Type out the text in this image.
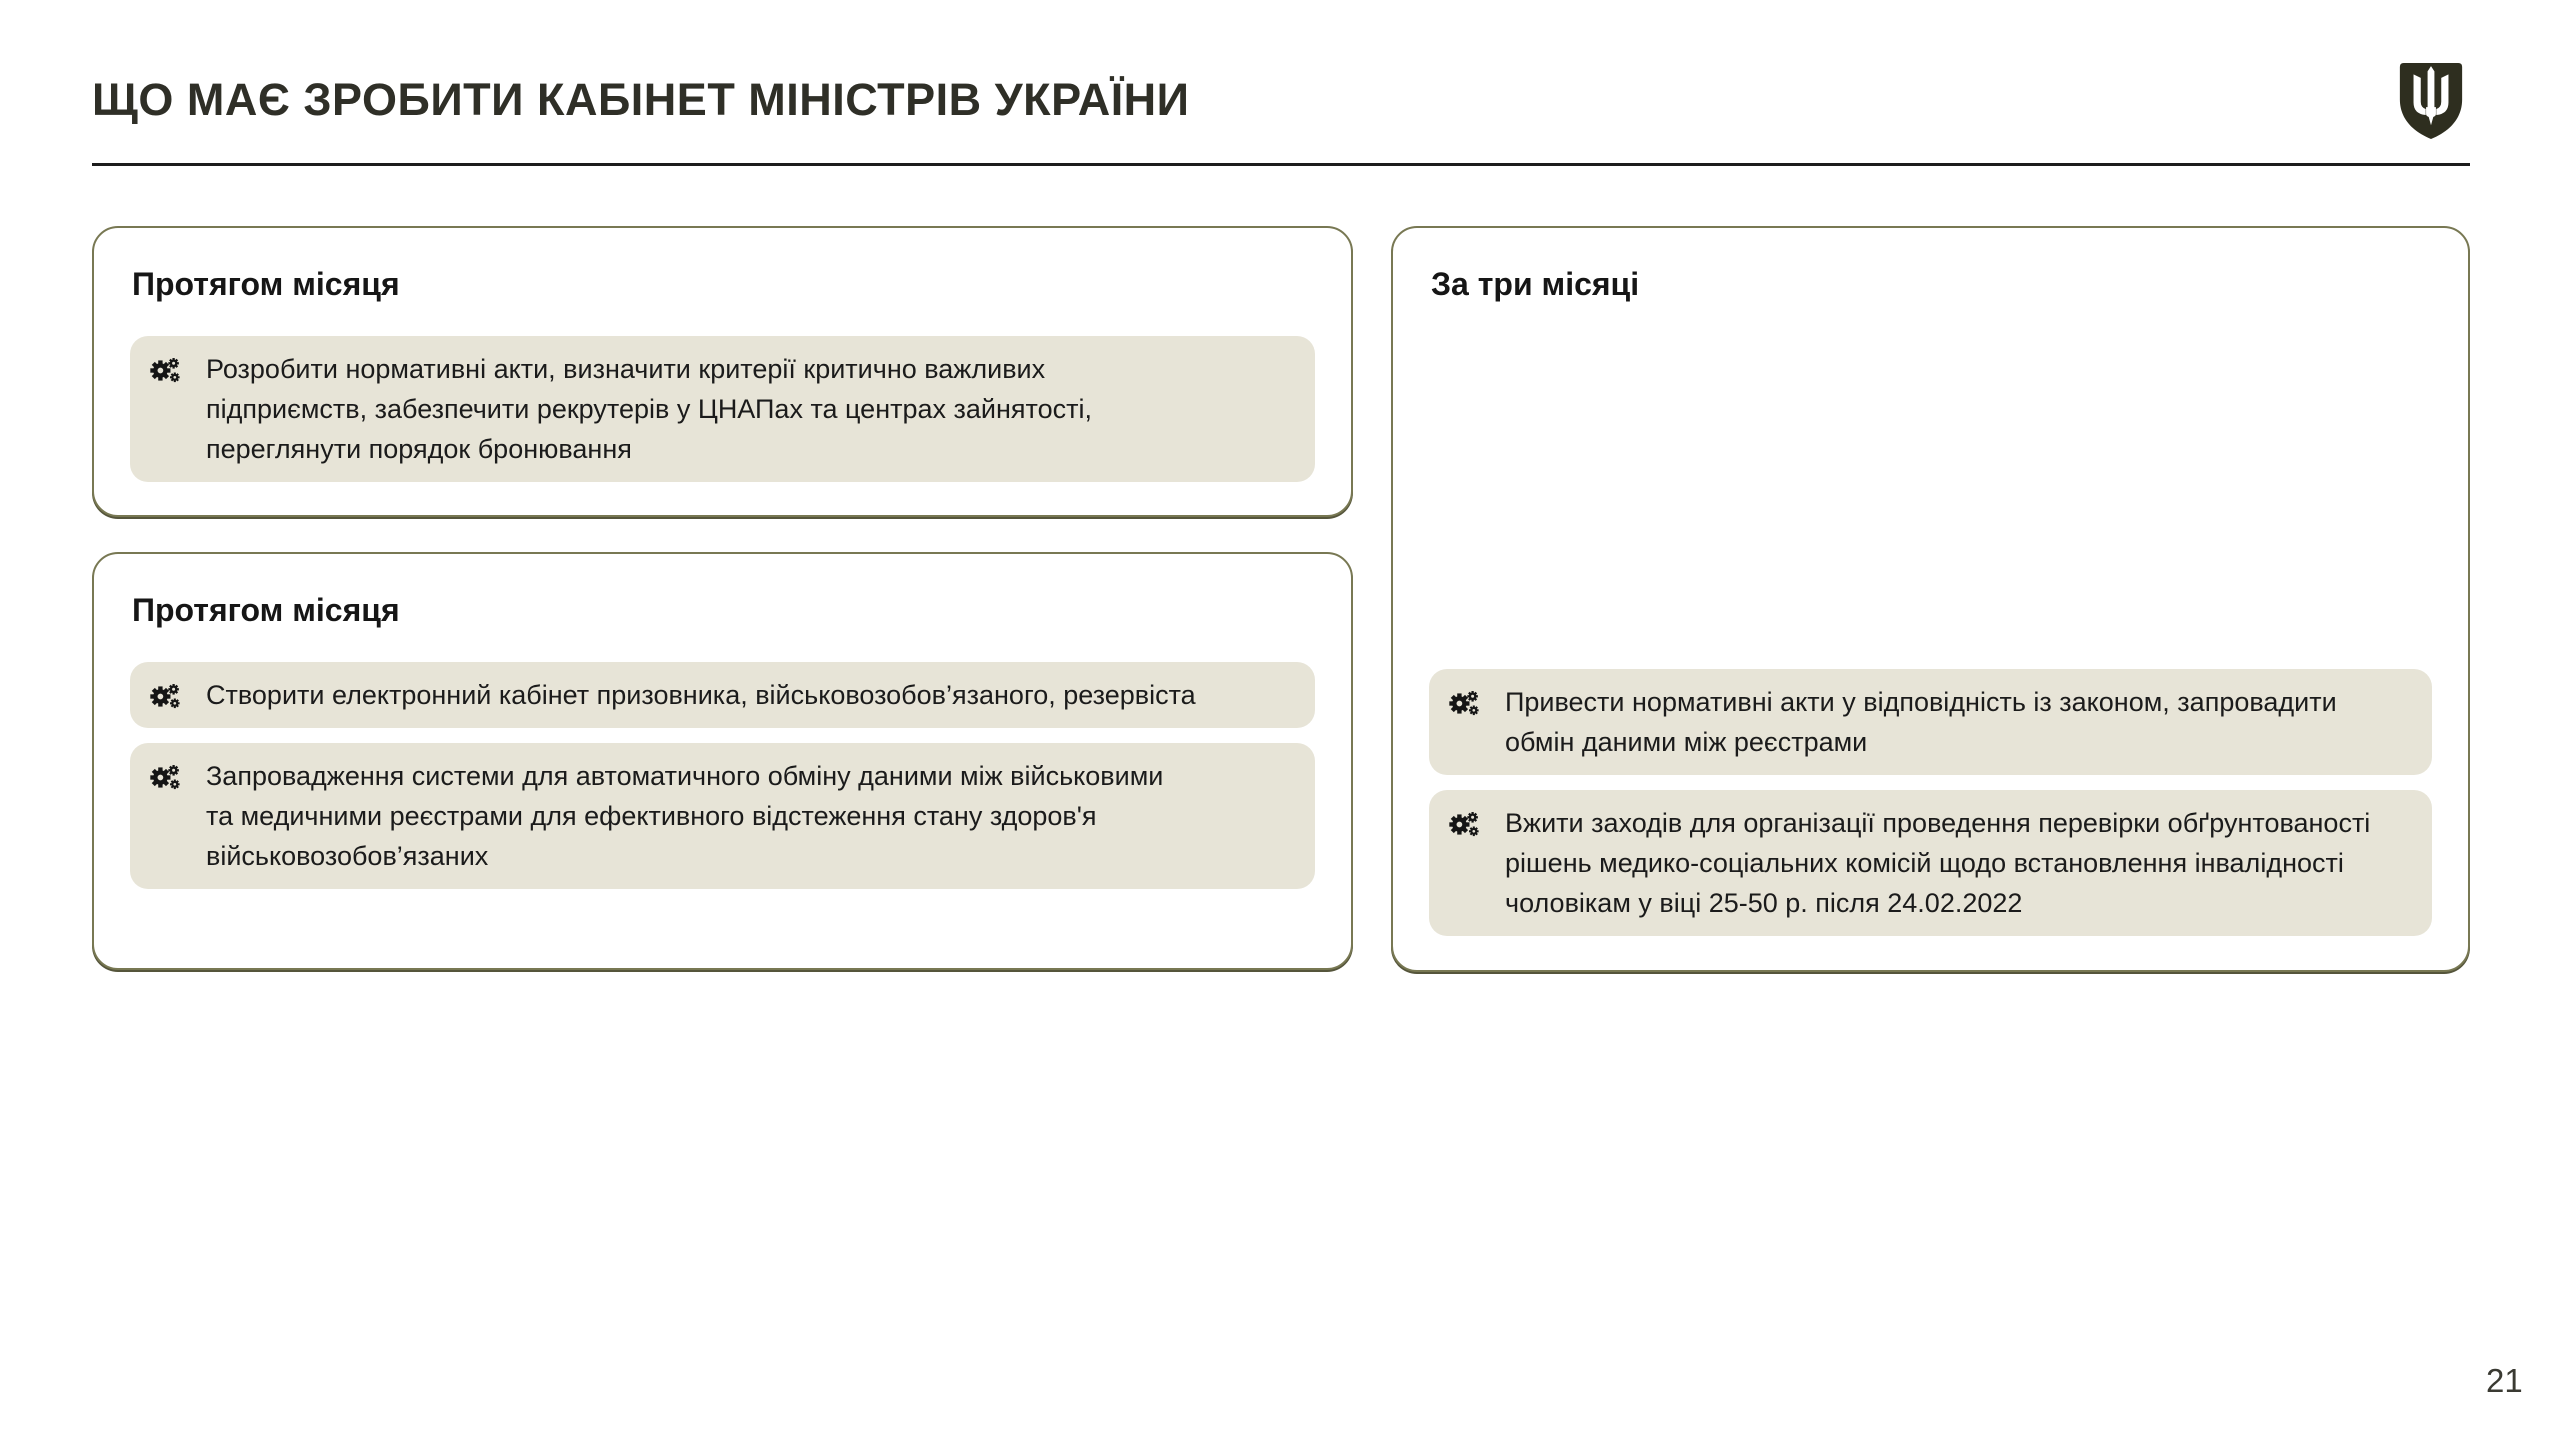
ЩО МАЄ ЗРОБИТИ КАБІНЕТ МІНІСТРІВ УКРАЇНИ
Протягом місяця
Розробити нормативні акти, визначити критерії критично важливих підприємств, забезпечити рекрутерів у ЦНАПах та центрах зайнятості, переглянути порядок бронювання
Протягом місяця
Створити електронний кабінет призовника, військовозобов’язаного, резервіста
Запровадження системи для автоматичного обміну даними між військовими та медичними реєстрами для ефективного відстеження стану здоров'я військовозобов’язаних
За три місяці
Привести нормативні акти у відповідність із законом, запровадити обмін даними між реєстрами
Вжити заходів для організації проведення перевірки обґрунтованості рішень медико-соціальних комісій щодо встановлення інвалідності чоловікам у віці 25-50 р. після 24.02.2022
21
